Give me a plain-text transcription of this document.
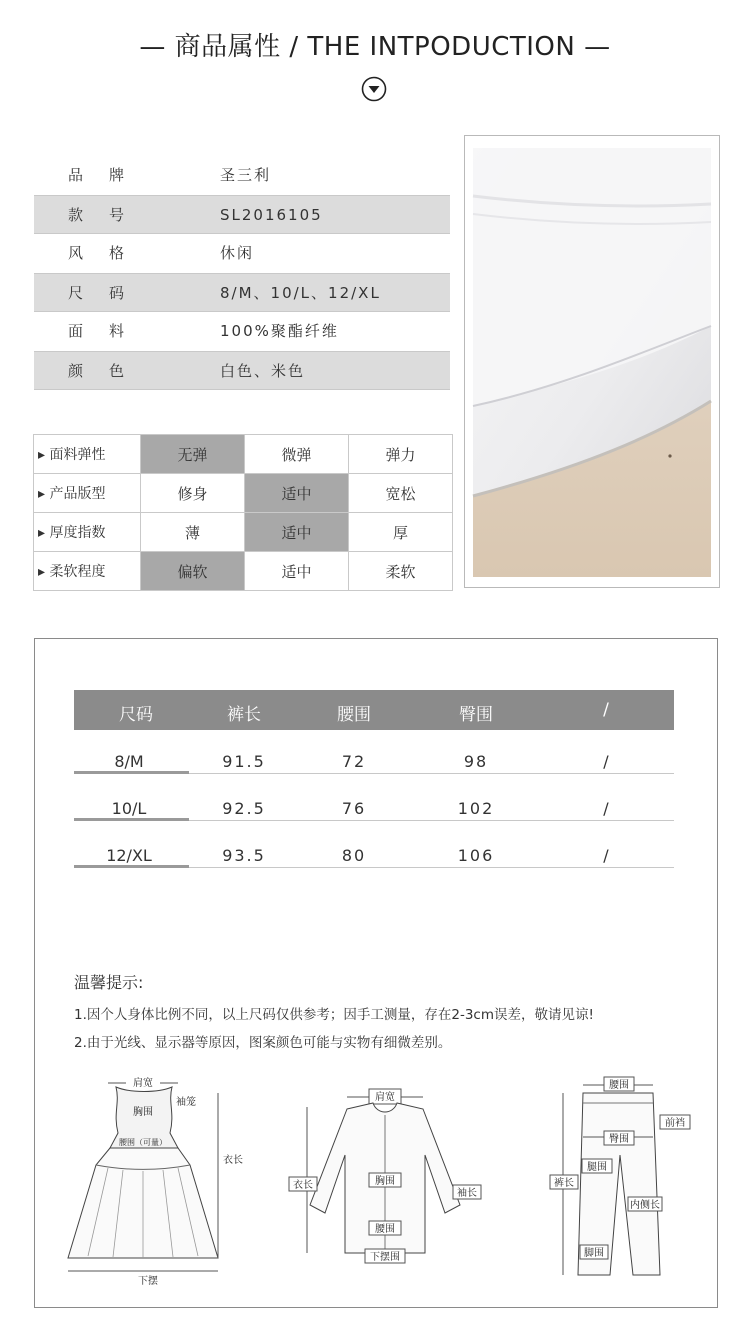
— 商品属性 / THE INTPODUCTION —
品牌	圣三利
款号	SL2016105
风格	休闲
尺码	8/M、10/L、12/XL
面料	100%聚酯纤维
颜色	白色、米色
▸ 面料弹性	无弹	微弹	弹力
▸ 产品版型	修身	适中	宽松
▸ 厚度指数	薄	适中	厚
▸ 柔软程度	偏软	适中	柔软
尺码	裤长	腰围	臀围	/
8/M	91.5	72	98	/
10/L	92.5	76	102	/
12/XL	93.5	80	106	/
温馨提示:
1.因个人身体比例不同，以上尺码仅供参考；因手工测量，存在2-3cm误差，敬请见谅!
2.由于光线、显示器等原因，图案颜色可能与实物有细微差别。
肩宽
胸围
袖笼
腰围（可量）
衣长
下摆
肩宽
衣长	胸围
袖长
腰围
下摆围
腰围
前裆
臀围
腿围
裤长
内侧长
脚围
